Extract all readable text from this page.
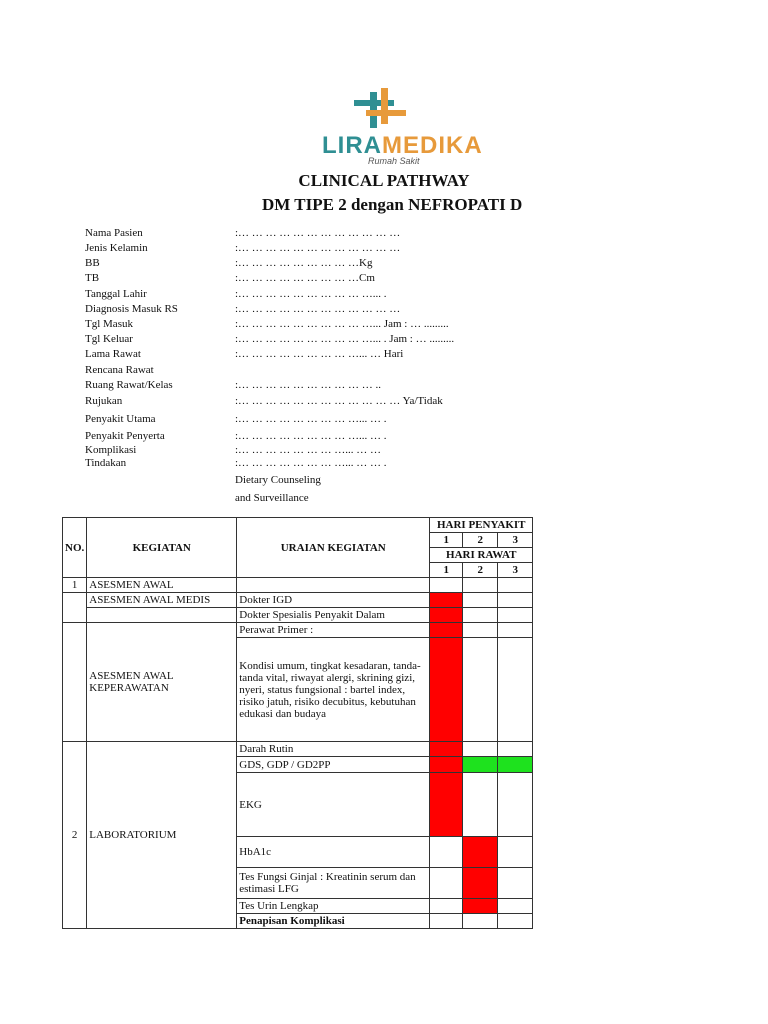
LIRAMEDIKA
Rumah Sakit
CLINICAL PATHWAY
DM TIPE 2 dengan NEFROPATI D
Nama Pasien	:… … … … … … … … … … … …
Jenis Kelamin	:… … … … … … … … … … … …
BB	:… … … … … … … … …Kg
TB	:… … … … … … … … …Cm
Tanggal Lahir	:… … … … … … … … … …... .
Diagnosis Masuk RS	:… … … … … … … … … … … …
Tgl Masuk	:… … … … … … … … … …... Jam : … .........
Tgl Keluar	:… … … … … … … … … …... . Jam : … .........
Lama Rawat	:… … … … … … … … …... … Hari
Rencana Rawat
Ruang Rawat/Kelas	:… … … … … … … … … … ..
Rujukan	:… … … … … … … … … … … … Ya/Tidak
Penyakit Utama	:… … … … … … … … …... … .
Penyakit Penyerta	:… … … … … … … … …... … .
Komplikasi	:… … … … … … … …... … …
Tindakan	:… … … … … … … …... … … .
Dietary Counseling
and Surveillance
NO.	KEGIATAN	URAIAN KEGIATAN	HARI PENYAKIT		
			1	2	3
			HARI RAWAT		
			1	2	3
1	ASESMEN AWAL				
	ASESMEN AWAL MEDIS	Dokter IGD			
		Dokter Spesialis Penyakit Dalam			
	ASESMEN AWAL KEPERAWATAN	Perawat Primer :			
		Kondisi umum, tingkat kesadaran, tanda-tanda vital, riwayat alergi, skrining gizi, nyeri, status fungsional : bartel index, risiko jatuh, risiko decubitus, kebutuhan edukasi dan budaya			
2	LABORATORIUM	Darah Rutin			
		GDS, GDP / GD2PP			
		EKG			
		HbA1c			
		Tes Fungsi Ginjal : Kreatinin serum dan estimasi LFG			
		Tes Urin Lengkap			
		Penapisan Komplikasi			
